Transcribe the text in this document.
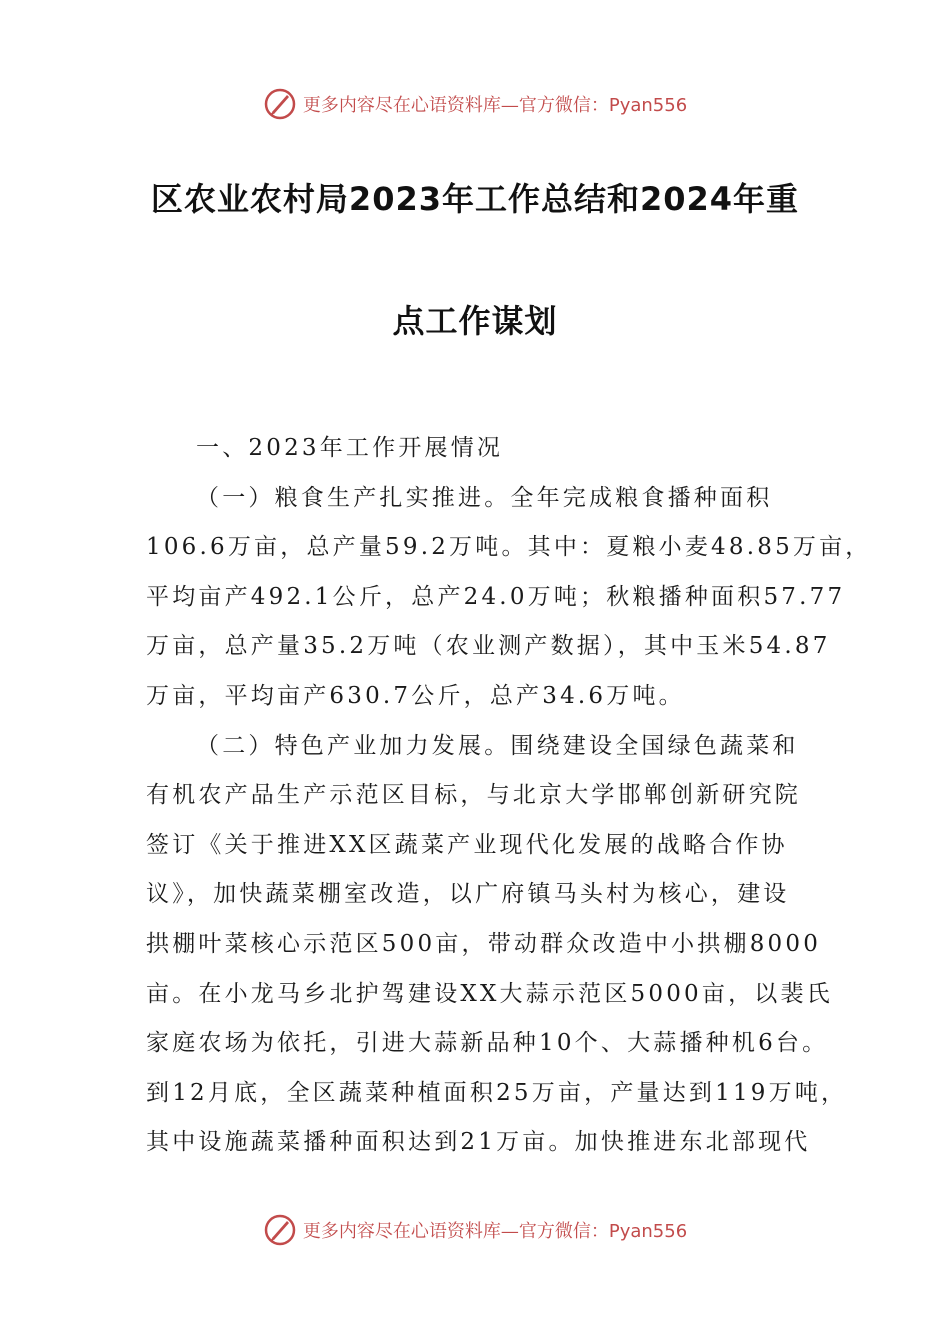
更多内容尽在心语资料库—官方微信：Pyan556
区农业农村局2023年工作总结和2024年重
点工作谋划
一、2023年工作开展情况
（一）粮食生产扎实推进。全年完成粮食播种面积
106.6万亩，总产量59.2万吨。其中：夏粮小麦48.85万亩，
平均亩产492.1公斤，总产24.0万吨；秋粮播种面积57.77
万亩，总产量35.2万吨（农业测产数据），其中玉米54.87
万亩，平均亩产630.7公斤，总产34.6万吨。
（二）特色产业加力发展。围绕建设全国绿色蔬菜和
有机农产品生产示范区目标，与北京大学邯郸创新研究院
签订《关于推进XX区蔬菜产业现代化发展的战略合作协
议》，加快蔬菜棚室改造，以广府镇马头村为核心，建设
拱棚叶菜核心示范区500亩，带动群众改造中小拱棚8000
亩。在小龙马乡北护驾建设XX大蒜示范区5000亩，以裴氏
家庭农场为依托，引进大蒜新品种10个、大蒜播种机6台。
到12月底，全区蔬菜种植面积25万亩，产量达到119万吨，
其中设施蔬菜播种面积达到21万亩。加快推进东北部现代
更多内容尽在心语资料库—官方微信：Pyan556
